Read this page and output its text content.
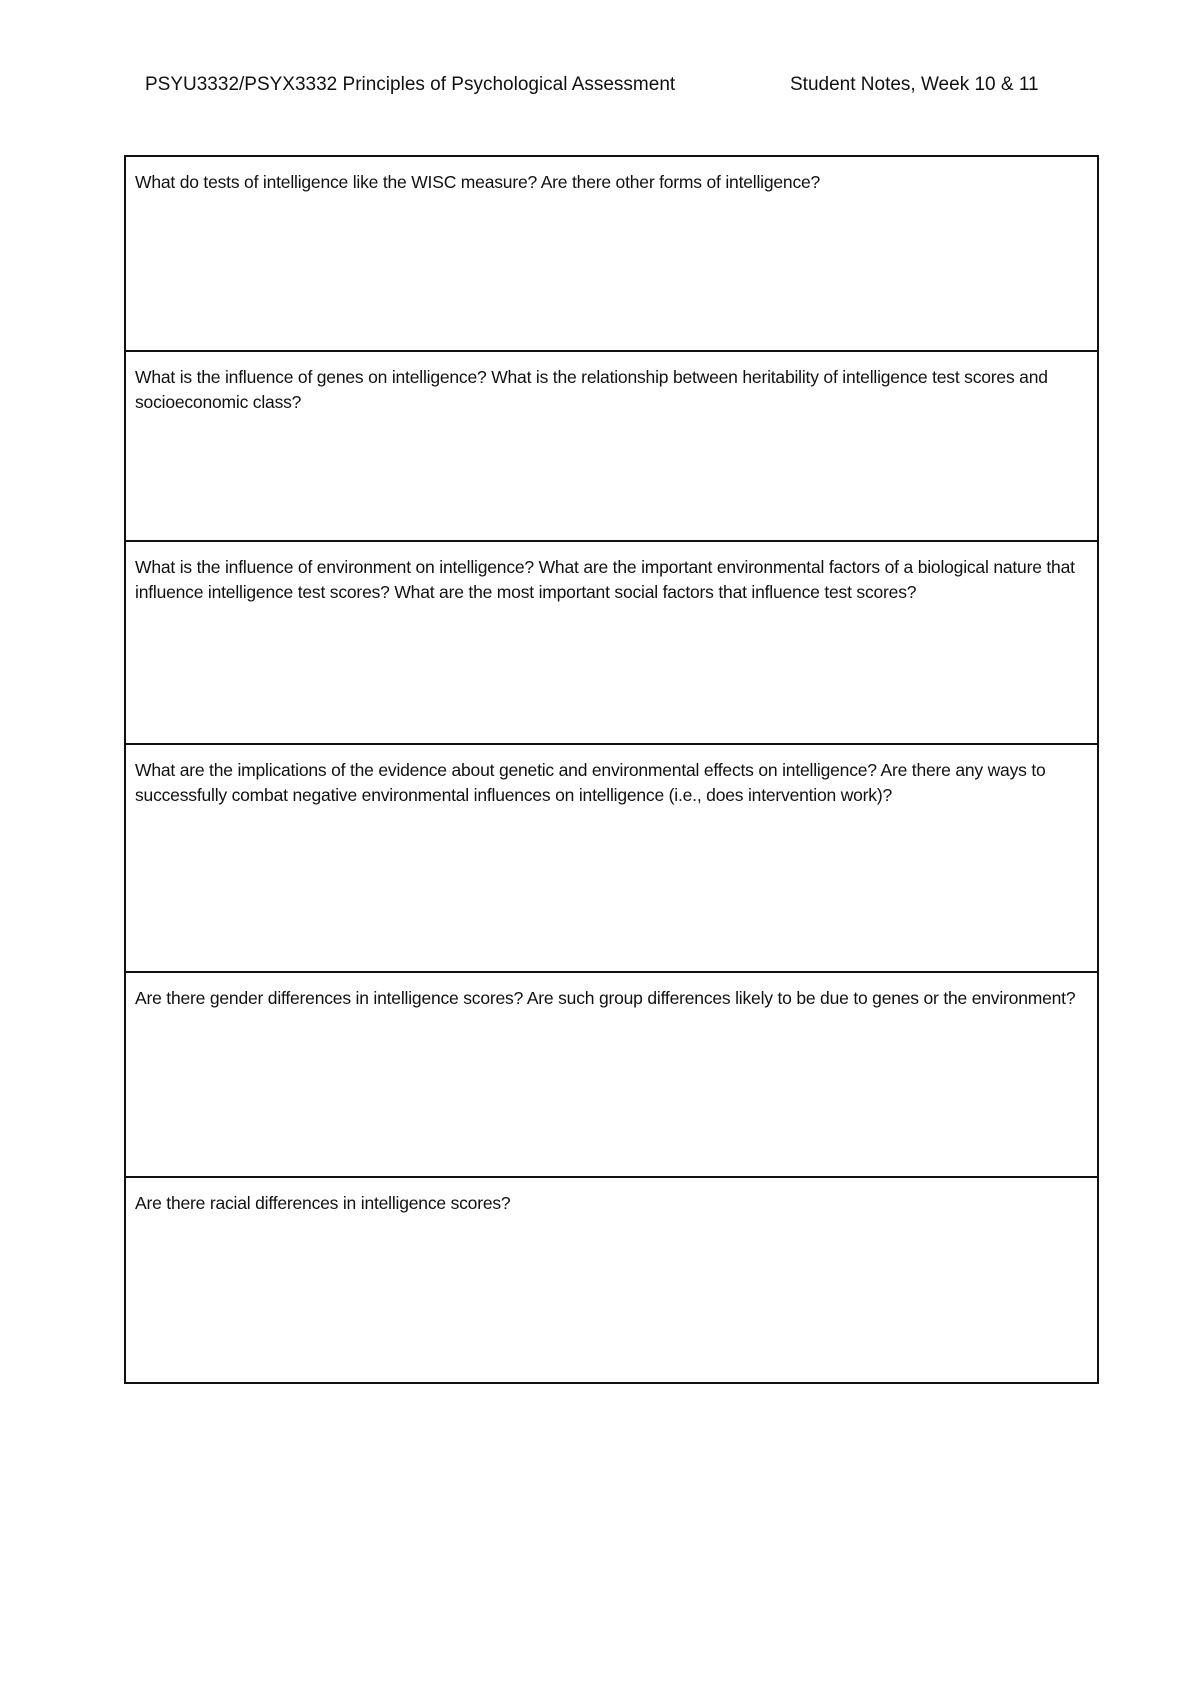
PSYU3332/PSYX3332 Principles of Psychological Assessment	Student Notes, Week 10 & 11
What do tests of intelligence like the WISC measure? Are there other forms of intelligence?
What is the influence of genes on intelligence? What is the relationship between heritability of intelligence test scores and socioeconomic class?
What is the influence of environment on intelligence? What are the important environmental factors of a biological nature that influence intelligence test scores? What are the most important social factors that influence test scores?
What are the implications of the evidence about genetic and environmental effects on intelligence? Are there any ways to successfully combat negative environmental influences on intelligence (i.e., does intervention work)?
Are there gender differences in intelligence scores? Are such group differences likely to be due to genes or the environment?
Are there racial differences in intelligence scores?
